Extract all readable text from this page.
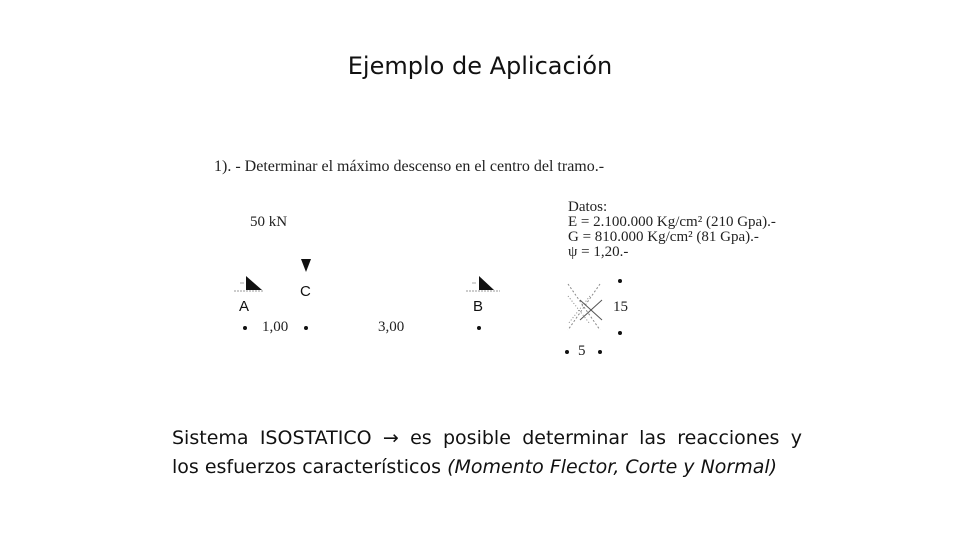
Ejemplo de Aplicación
1). - Determinar el máximo descenso en el centro del tramo.-
50 kN
A
C
B
1,00	3,00
Datos:
E = 2.100.000 Kg/cm² (210 Gpa).-
G = 810.000 Kg/cm² (81 Gpa).-
ψ = 1,20.-
15
5
Sistema ISOSTATICO → es posible determinar las reacciones y
los esfuerzos característicos (Momento Flector, Corte y Normal)
